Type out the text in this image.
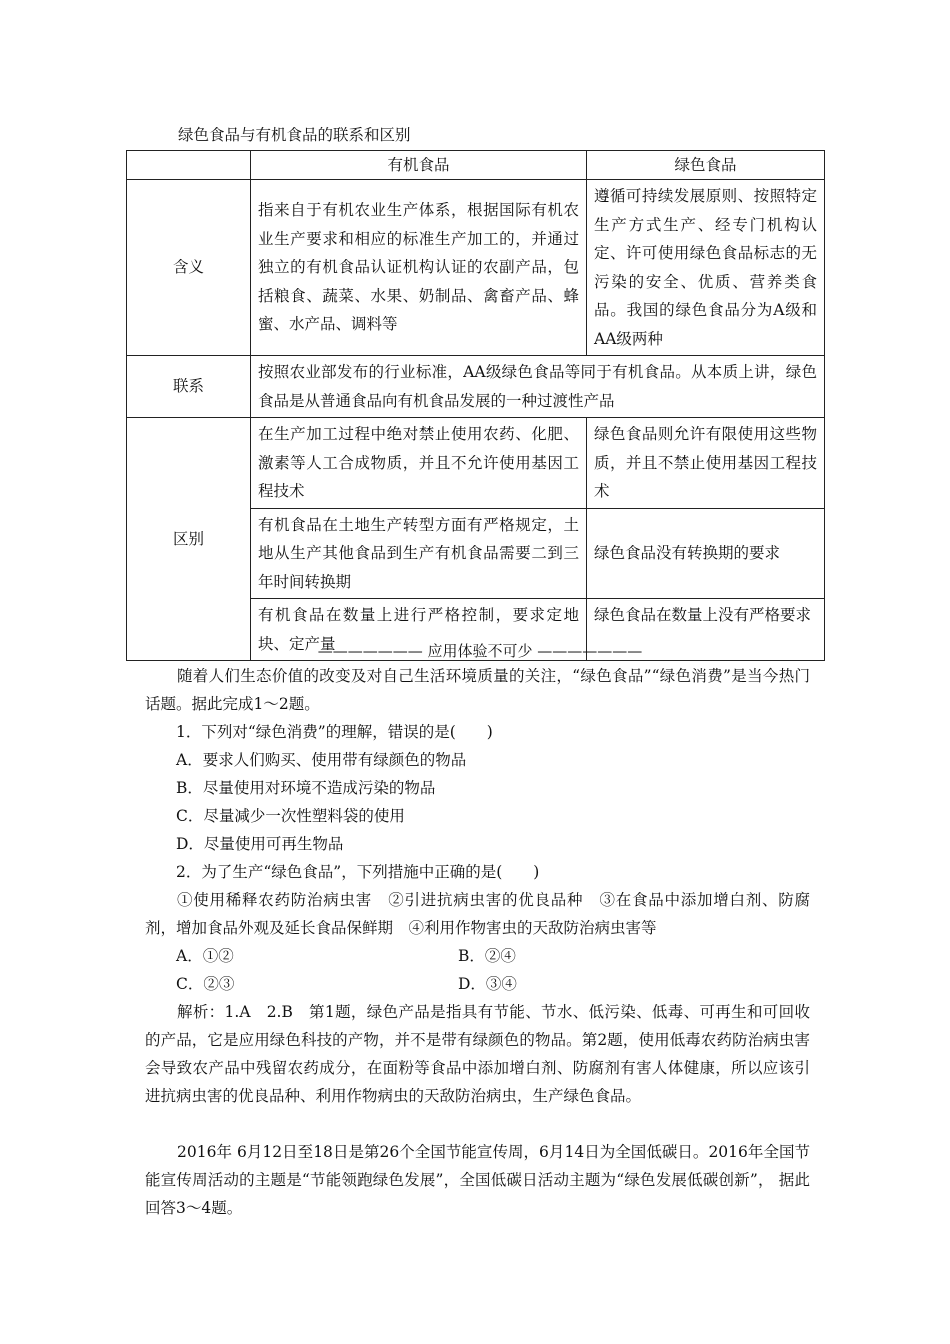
绿色食品与有机食品的联系和区别
	有机食品	绿色食品
含义	指来自于有机农业生产体系，根据国际有机农业生产要求和相应的标准生产加工的，并通过独立的有机食品认证机构认证的农副产品，包括粮食、蔬菜、水果、奶制品、禽畜产品、蜂蜜、水产品、调料等	遵循可持续发展原则、按照特定生产方式生产、经专门机构认定、许可使用绿色食品标志的无污染的安全、优质、营养类食品。我国的绿色食品分为A级和AA级两种
联系	按照农业部发布的行业标准，AA级绿色食品等同于有机食品。从本质上讲，绿色食品是从普通食品向有机食品发展的一种过渡性产品	
区别	在生产加工过程中绝对禁止使用农药、化肥、激素等人工合成物质，并且不允许使用基因工程技术	绿色食品则允许有限使用这些物质，并且不禁止使用基因工程技术
	有机食品在土地生产转型方面有严格规定，土地从生产其他食品到生产有机食品需要二到三年时间转换期	绿色食品没有转换期的要求
	有机食品在数量上进行严格控制，要求定地块、定产量	绿色食品在数量上没有严格要求
——————— 应用体验不可少 ———————
随着人们生态价值的改变及对自己生活环境质量的关注，“绿色食品”“绿色消费”是当今热门话题。据此完成1～2题。
1．下列对“绿色消费”的理解，错误的是(　　)
A．要求人们购买、使用带有绿颜色的物品
B．尽量使用对环境不造成污染的物品
C．尽量减少一次性塑料袋的使用
D．尽量使用可再生物品
2．为了生产“绿色食品”，下列措施中正确的是(　　)
①使用稀释农药防治病虫害　②引进抗病虫害的优良品种　③在食品中添加增白剂、防腐剂，增加食品外观及延长食品保鲜期　④利用作物害虫的天敌防治病虫害等
A．①②	B．②④
C．②③	D．③④
解析：1.A　2.B　第1题，绿色产品是指具有节能、节水、低污染、低毒、可再生和可回收的产品，它是应用绿色科技的产物，并不是带有绿颜色的物品。第2题，使用低毒农药防治病虫害会导致农产品中残留农药成分，在面粉等食品中添加增白剂、防腐剂有害人体健康，所以应该引进抗病虫害的优良品种、利用作物病虫的天敌防治病虫，生产绿色食品。
2016年 6月12日至18日是第26个全国节能宣传周，6月14日为全国低碳日。2016年全国节能宣传周活动的主题是“节能领跑绿色发展”，全国低碳日活动主题为“绿色发展低碳创新”， 据此回答3～4题。
